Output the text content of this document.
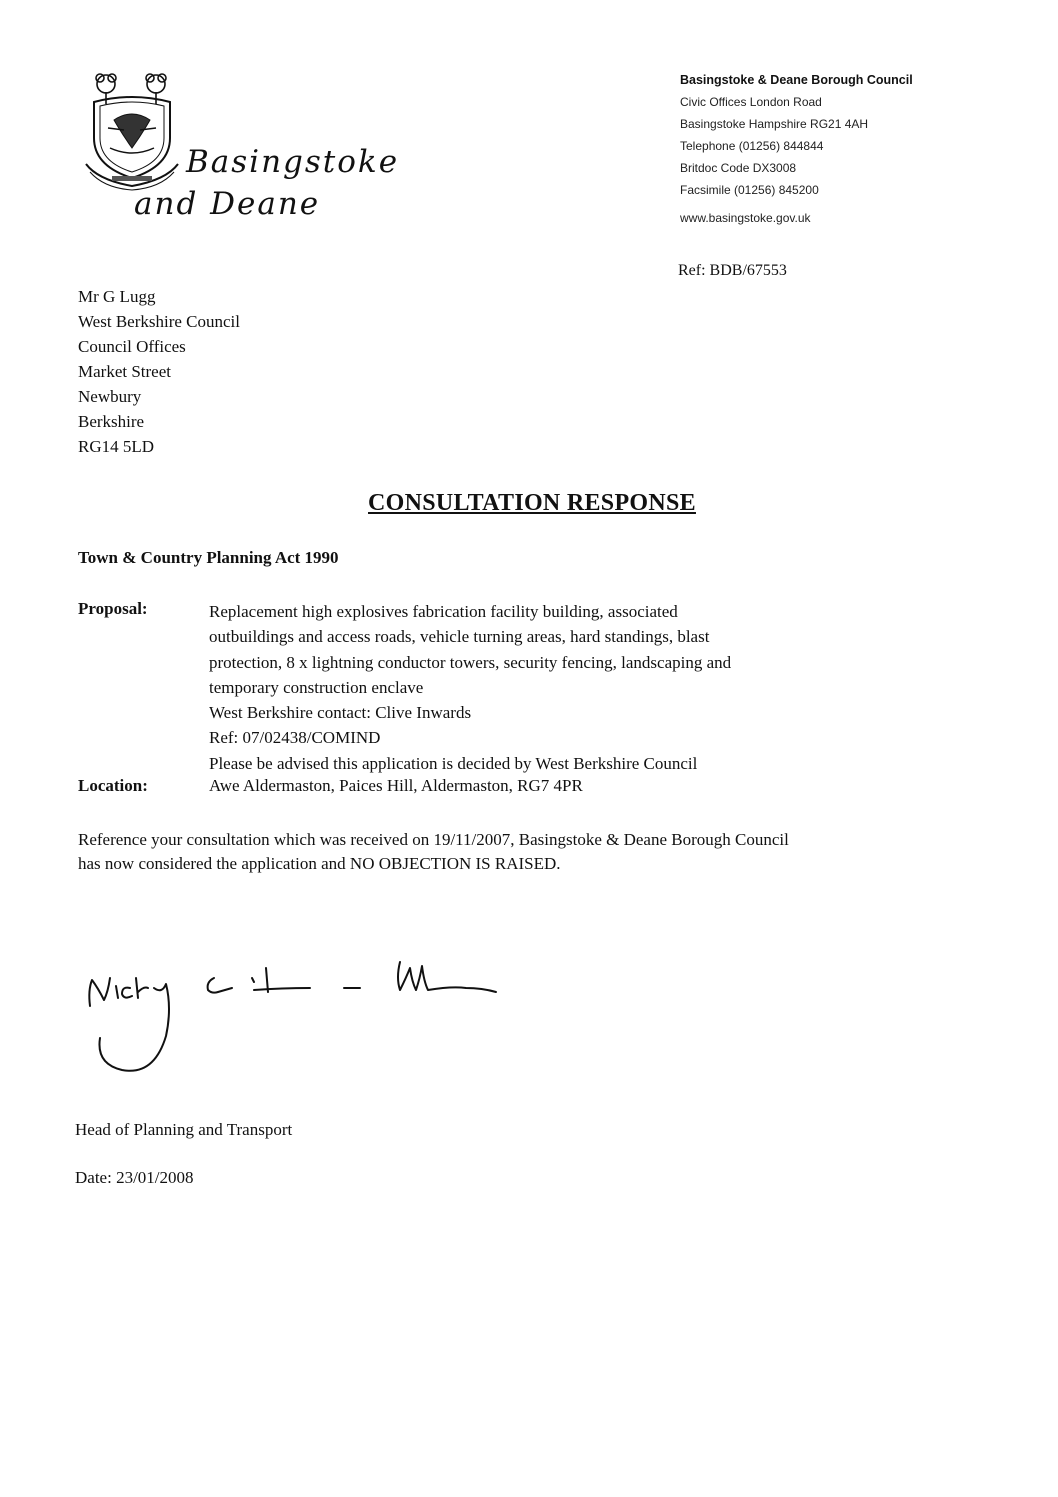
Basingstoke
and Deane
Basingstoke & Deane Borough Council
Civic Offices London Road
Basingstoke Hampshire RG21 4AH
Telephone (01256) 844844
Britdoc Code DX3008
Facsimile (01256) 845200
www.basingstoke.gov.uk
Ref: BDB/67553
Mr G Lugg
West Berkshire Council
Council Offices
Market Street
Newbury
Berkshire
RG14 5LD
CONSULTATION RESPONSE
Town & Country Planning Act 1990
Proposal:	Replacement high explosives fabrication facility building, associated
outbuildings and access roads, vehicle turning areas, hard standings, blast
protection, 8 x lightning conductor towers, security fencing, landscaping and
temporary construction enclave
West Berkshire contact: Clive Inwards
Ref: 07/02438/COMIND
Please be advised this application is decided by West Berkshire Council
Location:	Awe Aldermaston, Paices Hill, Aldermaston, RG7 4PR
Reference your consultation which was received on 19/11/2007, Basingstoke & Deane Borough Council
has now considered the application and NO OBJECTION IS RAISED.
Head of Planning and Transport
Date: 23/01/2008
